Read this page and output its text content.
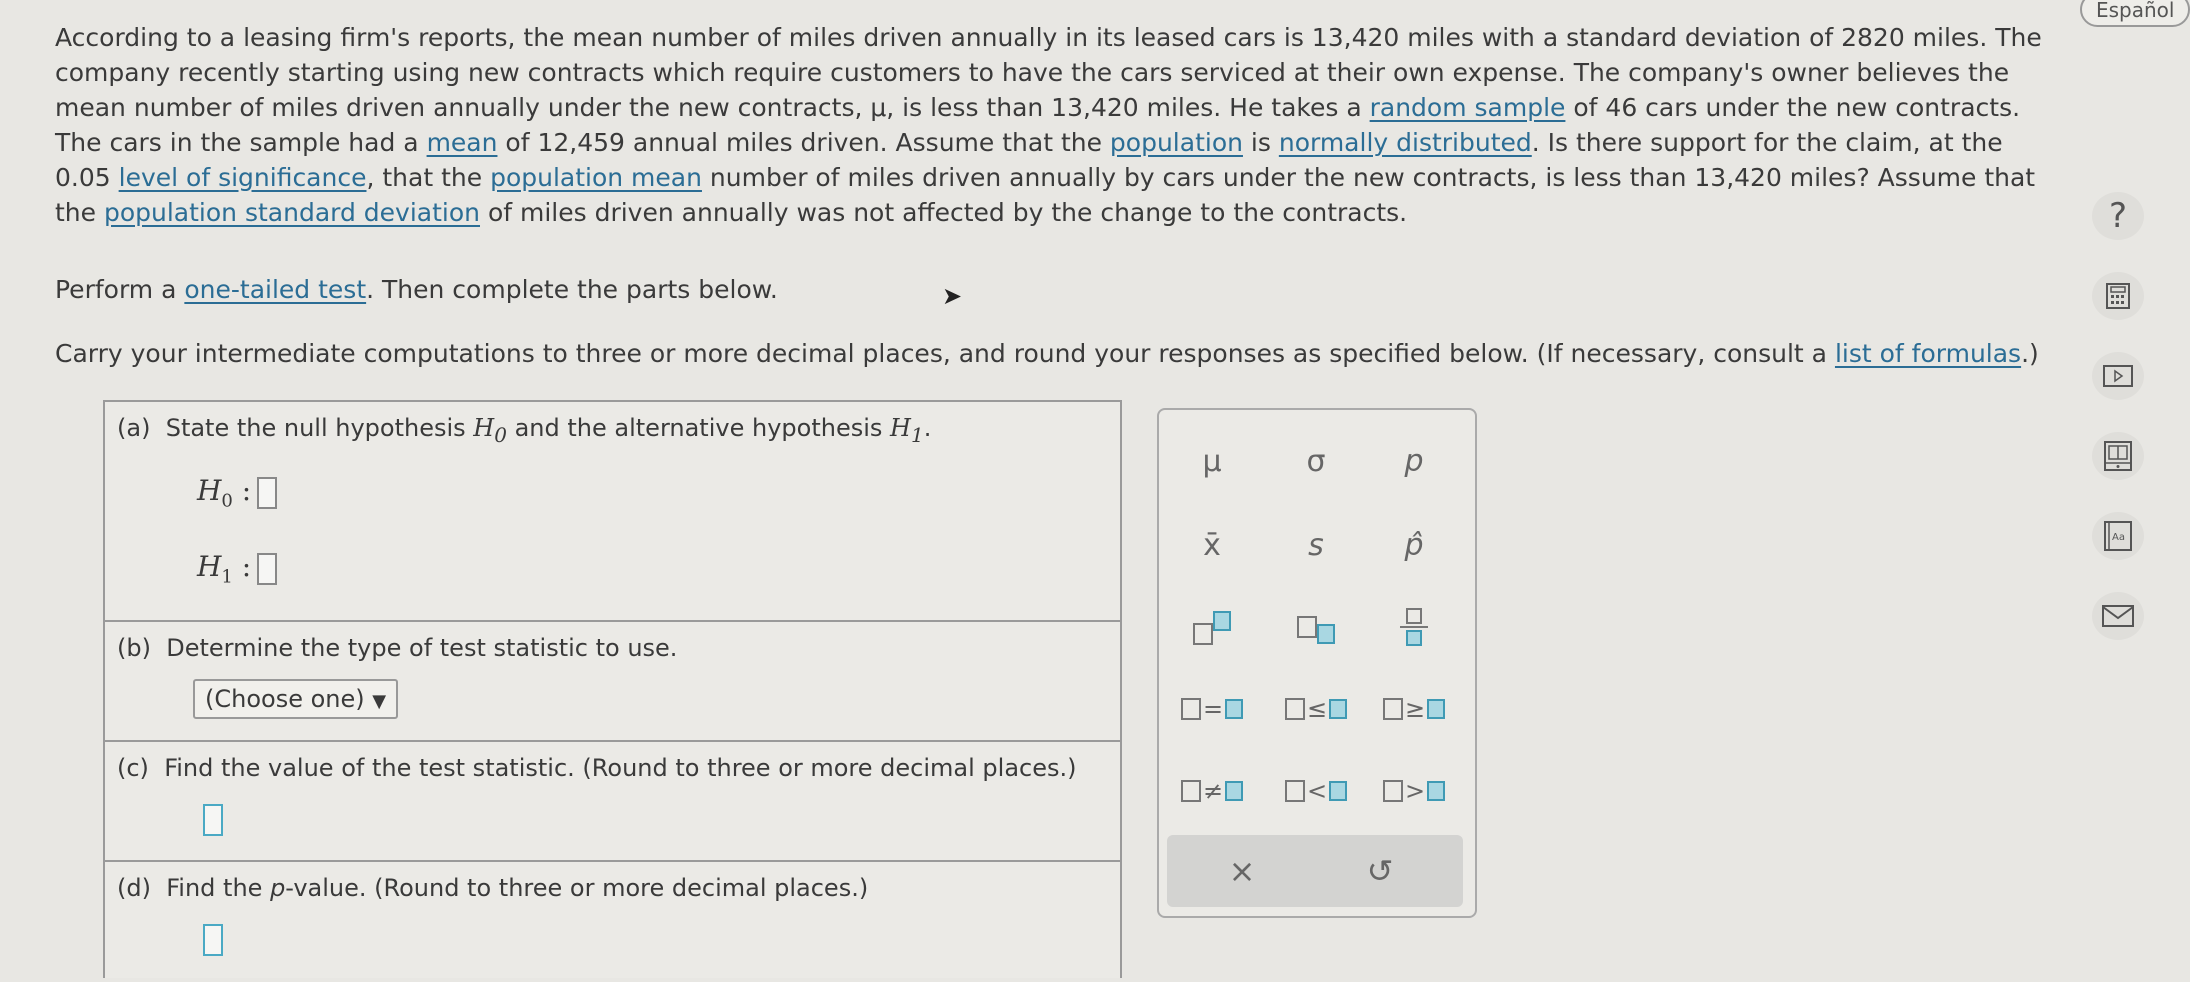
Español
According to a leasing firm's reports, the mean number of miles driven annually in its leased cars is 13,420 miles with a standard deviation of 2820 miles. The company recently starting using new contracts which require customers to have the cars serviced at their own expense. The company's owner believes the mean number of miles driven annually under the new contracts, μ, is less than 13,420 miles. He takes a random sample of 46 cars under the new contracts. The cars in the sample had a mean of 12,459 annual miles driven. Assume that the population is normally distributed. Is there support for the claim, at the 0.05 level of significance, that the population mean number of miles driven annually by cars under the new contracts, is less than 13,420 miles? Assume that the population standard deviation of miles driven annually was not affected by the change to the contracts.
Perform a one-tailed test. Then complete the parts below.
Carry your intermediate computations to three or more decimal places, and round your responses as specified below. (If necessary, consult a list of formulas.)
➤
(a) State the null hypothesis $H_0$ and the alternative hypothesis $H_1$.
$H_0$ :
$H_1$ :
(b) Determine the type of test statistic to use.
(Choose one) ▼
(c) Find the value of the test statistic. (Round to three or more decimal places.)
(d) Find the p-value. (Round to three or more decimal places.)
μ	σ	p
x̄	s	p̂
=	≤	≥
≠	<	>
×	↺
?
Aa
